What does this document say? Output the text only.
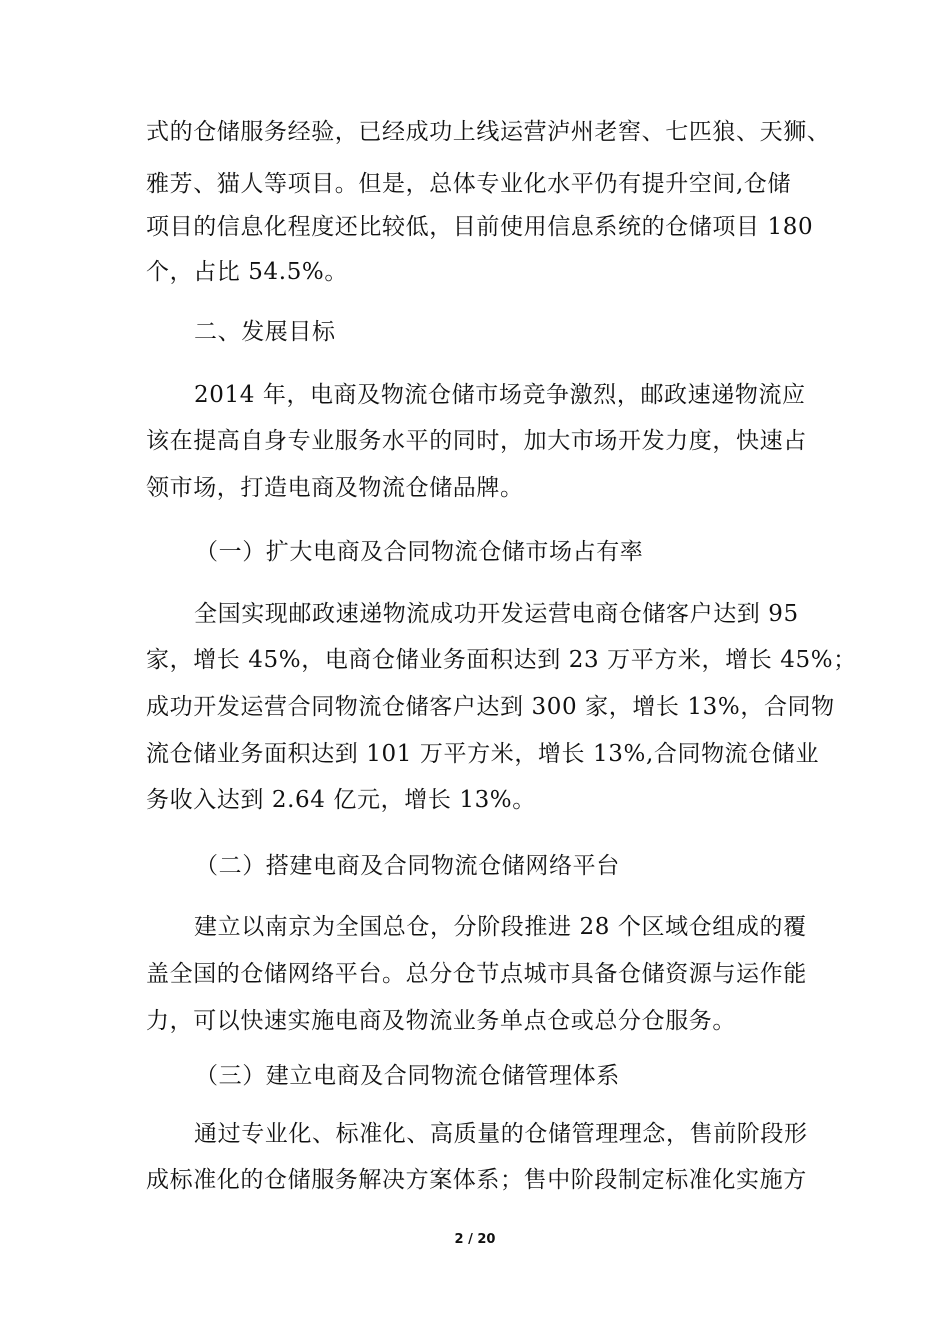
式的仓储服务经验，已经成功上线运营泸州老窖、七匹狼、天狮、
雅芳、猫人等项目。但是，总体专业化水平仍有提升空间,仓储
项目的信息化程度还比较低，目前使用信息系统的仓储项目 180
个，占比 54.5%。
二、发展目标
2014 年，电商及物流仓储市场竞争激烈，邮政速递物流应
该在提高自身专业服务水平的同时，加大市场开发力度，快速占
领市场，打造电商及物流仓储品牌。
（一）扩大电商及合同物流仓储市场占有率
全国实现邮政速递物流成功开发运营电商仓储客户达到 95
家，增长 45%，电商仓储业务面积达到 23 万平方米，增长 45%；
成功开发运营合同物流仓储客户达到 300 家，增长 13%，合同物
流仓储业务面积达到 101 万平方米，增长 13%,合同物流仓储业
务收入达到 2.64 亿元，增长 13%。
（二）搭建电商及合同物流仓储网络平台
建立以南京为全国总仓，分阶段推进 28 个区域仓组成的覆
盖全国的仓储网络平台。总分仓节点城市具备仓储资源与运作能
力，可以快速实施电商及物流业务单点仓或总分仓服务。
（三）建立电商及合同物流仓储管理体系
通过专业化、标准化、高质量的仓储管理理念，售前阶段形
成标准化的仓储服务解决方案体系；售中阶段制定标准化实施方
2 / 20
